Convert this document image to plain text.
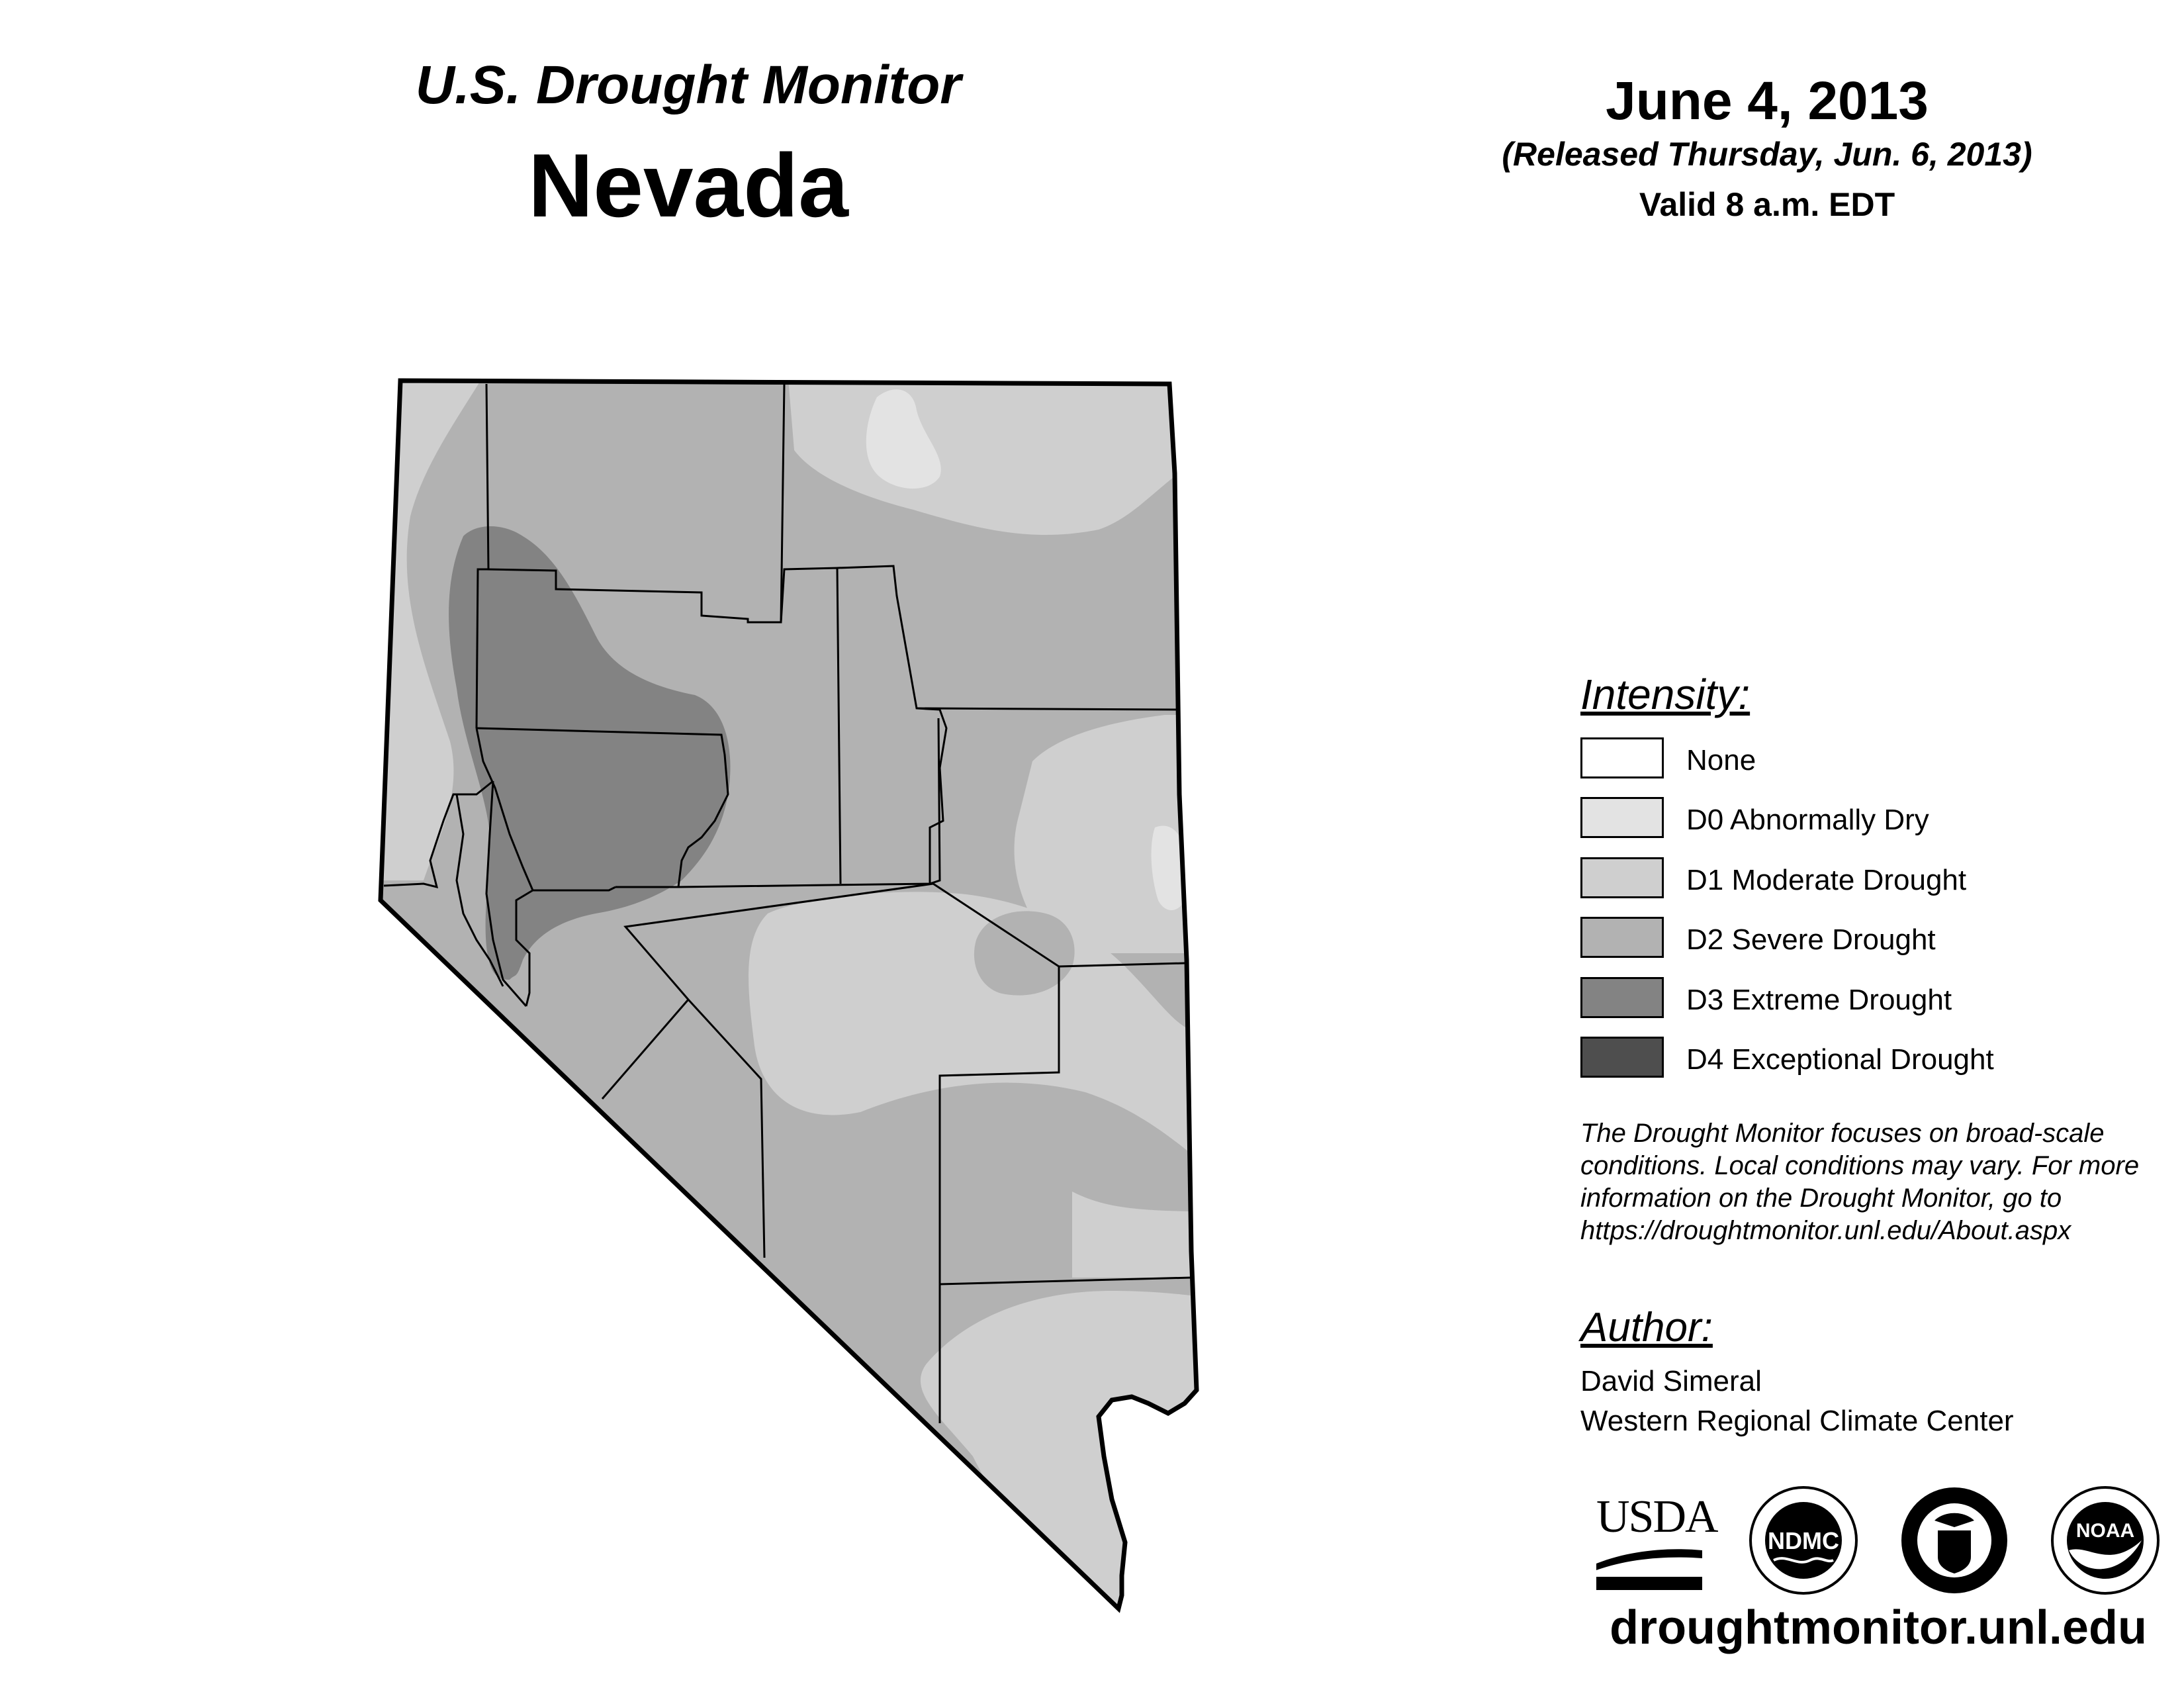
U.S. Drought Monitor
Nevada
June 4, 2013
(Released Thursday, Jun. 6, 2013)
Valid 8 a.m. EDT
Intensity:
None
D0 Abnormally Dry
D1 Moderate Drought
D2 Severe Drought
D3 Extreme Drought
D4 Exceptional Drought
The Drought Monitor focuses on broad-scale
conditions. Local conditions may vary. For more
information on the Drought Monitor, go to
https://droughtmonitor.unl.edu/About.aspx
Author:
David Simeral
Western Regional Climate Center
USDA NDMC	NOAA
droughtmonitor.unl.edu
